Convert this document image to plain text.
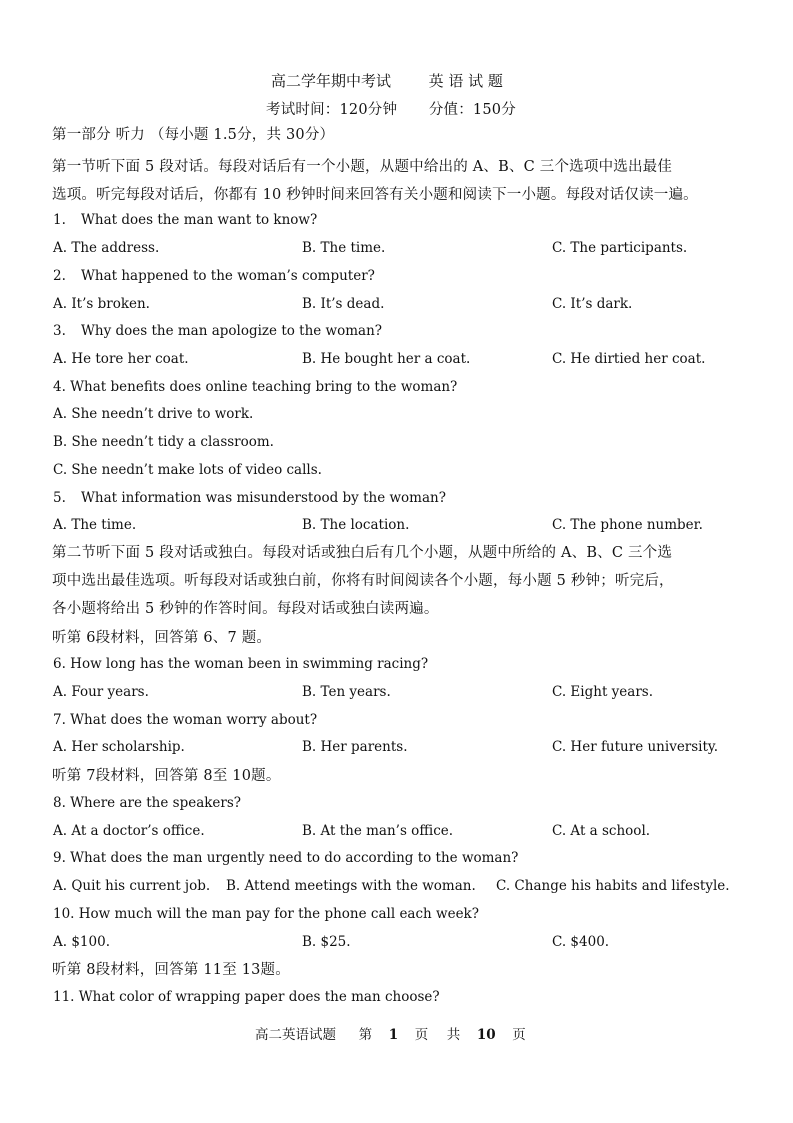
高二学年期中考试	英 语 试 题
考试时间：120分钟 分值：150分
第一部分 听力 （每小题 1.5分，共 30分）
第一节听下面 5 段对话。每段对话后有一个小题，从题中给出的 A、B、C 三个选项中选出最佳
选项。听完每段对话后，你都有 10 秒钟时间来回答有关小题和阅读下一小题。每段对话仅读一遍。
1. What does the man want to know?
A. The address.	B. The time.	C. The participants.
2. What happened to the woman’s computer?
A. It’s broken.	B. It’s dead.	C. It’s dark.
3. Why does the man apologize to the woman?
A. He tore her coat.	B. He bought her a coat.	C. He dirtied her coat.
4. What benefits does online teaching bring to the woman?
A. She needn’t drive to work.
B. She needn’t tidy a classroom.
C. She needn’t make lots of video calls.
5. What information was misunderstood by the woman?
A. The time.	B. The location.	C. The phone number.
第二节听下面 5 段对话或独白。每段对话或独白后有几个小题，从题中所给的 A、B、C 三个选
项中选出最佳选项。听每段对话或独白前，你将有时间阅读各个小题，每小题 5 秒钟；听完后，
各小题将给出 5 秒钟的作答时间。每段对话或独白读两遍。
听第 6段材料，回答第 6、7 题。
6. How long has the woman been in swimming racing?
A. Four years.	B. Ten years.	C. Eight years.
7. What does the woman worry about?
A. Her scholarship.	B. Her parents.	C. Her future university.
听第 7段材料，回答第 8至 10题。
8. Where are the speakers?
A. At a doctor’s office.	B. At the man’s office.	C. At a school.
9. What does the man urgently need to do according to the woman?
A. Quit his current job. B. Attend meetings with the woman. C. Change his habits and lifestyle.
10. How much will the man pay for the phone call each week?
A. $100.	B. $25.	C. $400.
听第 8段材料，回答第 11至 13题。
11. What color of wrapping paper does the man choose?
高二英语试题 第 1 页 共 10 页
